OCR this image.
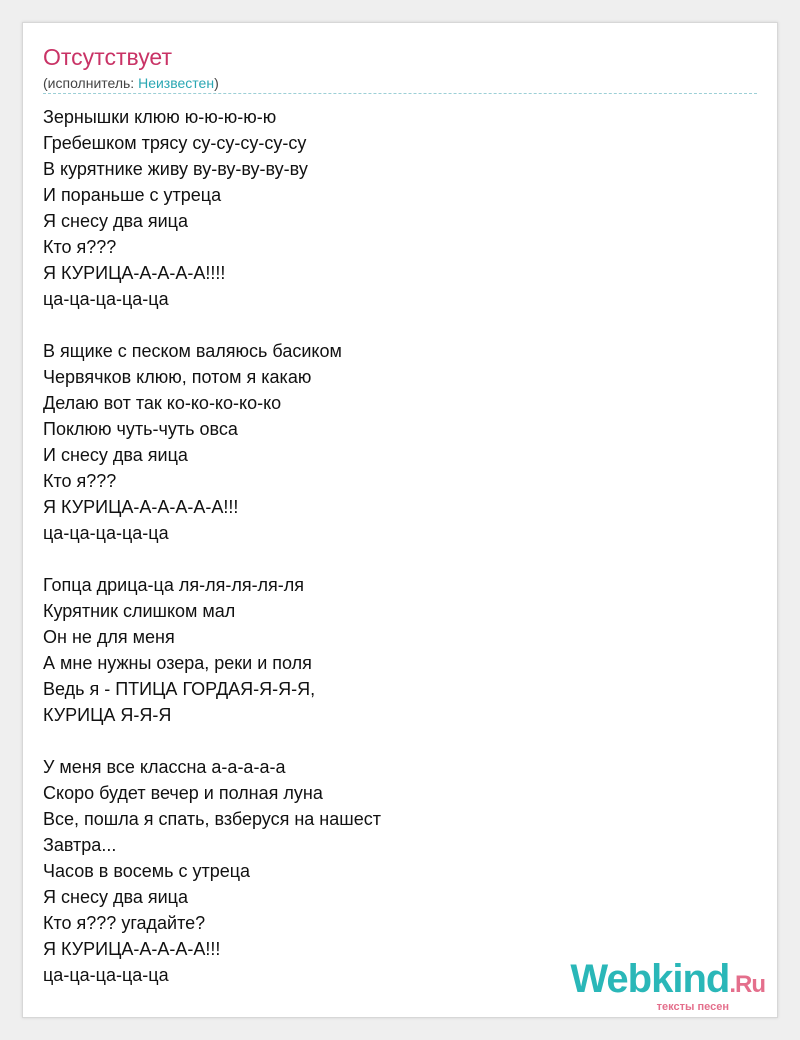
Отсутствует
(исполнитель: Неизвестен)
Зернышки клюю ю-ю-ю-ю-ю
Гребешком трясу су-су-су-су-су
В курятнике живу ву-ву-ву-ву-ву
И пораньше с утреца
Я снесу два яица
Кто я???
Я КУРИЦА-А-А-А-А!!!!
ца-ца-ца-ца-ца
В ящике с песком валяюсь басиком
Червячков клюю, потом я какаю
Делаю вот так ко-ко-ко-ко-ко
Поклюю чуть-чуть овса
И снесу два яица
Кто я???
Я КУРИЦА-А-А-А-А-А!!!
ца-ца-ца-ца-ца
Гопца дрица-ца ля-ля-ля-ля-ля
Курятник слишком мал
Он не для меня
А мне нужны озера, реки и поля
Ведь я - ПТИЦА ГОРДАЯ-Я-Я-Я,
КУРИЦА Я-Я-Я
У меня все классна а-а-а-а-а
Скоро будет вечер и полная луна
Все, пошла я спать, взберуся на нашест
Завтра...
Часов в восемь с утреца
Я снесу два яица
Кто я??? угадайте?
Я КУРИЦА-А-А-А-А!!!
ца-ца-ца-ца-ца	Webkind.Ru
тексты песен
